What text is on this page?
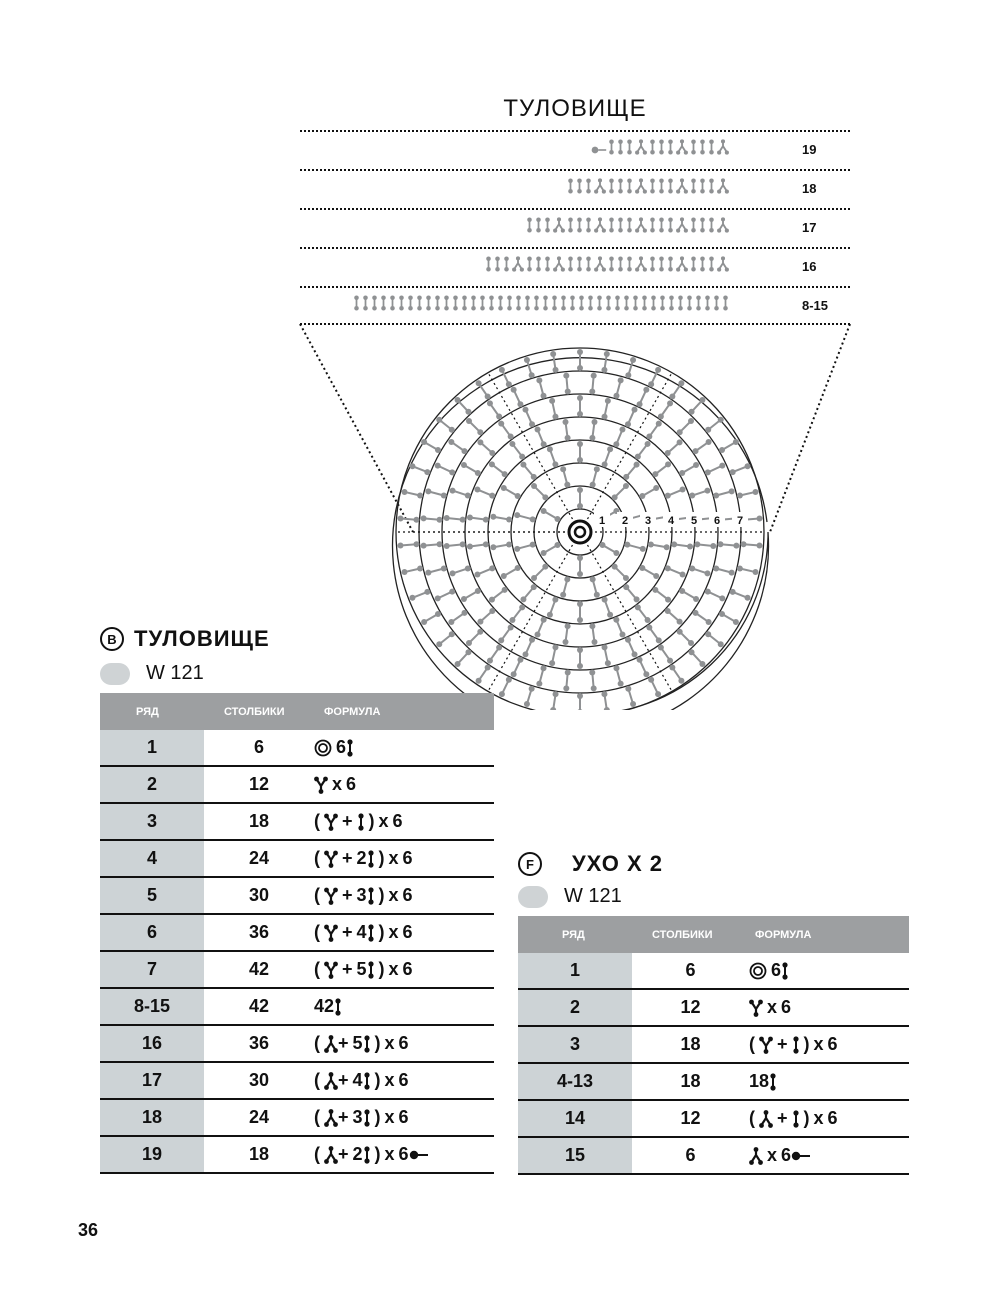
ТУЛОВИЩЕ
19
18
17
16
8-15
1 2 3 4 5 6 7
B ТУЛОВИЩЕ
W 121
РЯД	СТОЛБИКИ	ФОРМУЛА
1	6	6
2	12	x 6
3	18	( + ) x 6
4	24	( + 2 ) x 6
5	30	( + 3 ) x 6
6	36	( + 4 ) x 6
7	42	( + 5 ) x 6
8-15	42	42
16	36	( + 5 ) x 6
17	30	( + 4 ) x 6
18	24	( + 3 ) x 6
19	18	( + 2 ) x 6
F	УХО X 2
W 121
РЯД	СТОЛБИКИ	ФОРМУЛА
1	6	6
2	12	x 6
3	18	( + ) x 6
4-13	18	18
14	12	( + ) x 6
15	6	x 6
36
